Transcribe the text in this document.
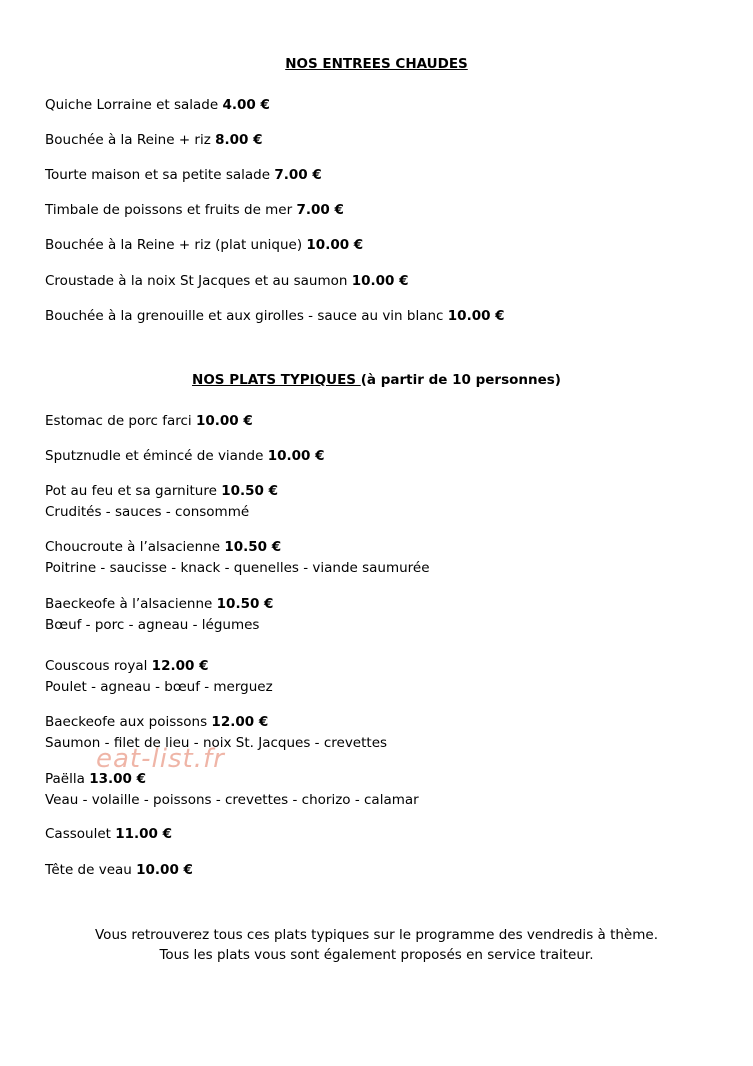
NOS ENTREES CHAUDES
Quiche Lorraine et salade 4.00 €
Bouchée à la Reine + riz 8.00 €
Tourte maison et sa petite salade 7.00 €
Timbale de poissons et fruits de mer 7.00 €
Bouchée à la Reine + riz (plat unique) 10.00 €
Croustade à la noix St Jacques et au saumon 10.00 €
Bouchée à la grenouille et aux girolles - sauce au vin blanc 10.00 €
NOS PLATS TYPIQUES (à partir de 10 personnes)
Estomac de porc farci 10.00 €
Sputznudle et émincé de viande 10.00 €
Pot au feu et sa garniture 10.50 €
Crudités - sauces - consommé
Choucroute à l’alsacienne 10.50 €
Poitrine - saucisse - knack - quenelles - viande saumurée
Baeckeofe à l’alsacienne 10.50 €
Bœuf - porc - agneau - légumes
Couscous royal 12.00 €
Poulet - agneau - bœuf - merguez
Baeckeofe aux poissons 12.00 €
Saumon - filet de lieu - noix St. Jacques - crevettes
Paëlla 13.00 €
Veau - volaille - poissons - crevettes - chorizo - calamar
Cassoulet 11.00 €
Tête de veau 10.00 €
Vous retrouverez tous ces plats typiques sur le programme des vendredis à thème.
Tous les plats vous sont également proposés en service traiteur.
eat-list.fr
